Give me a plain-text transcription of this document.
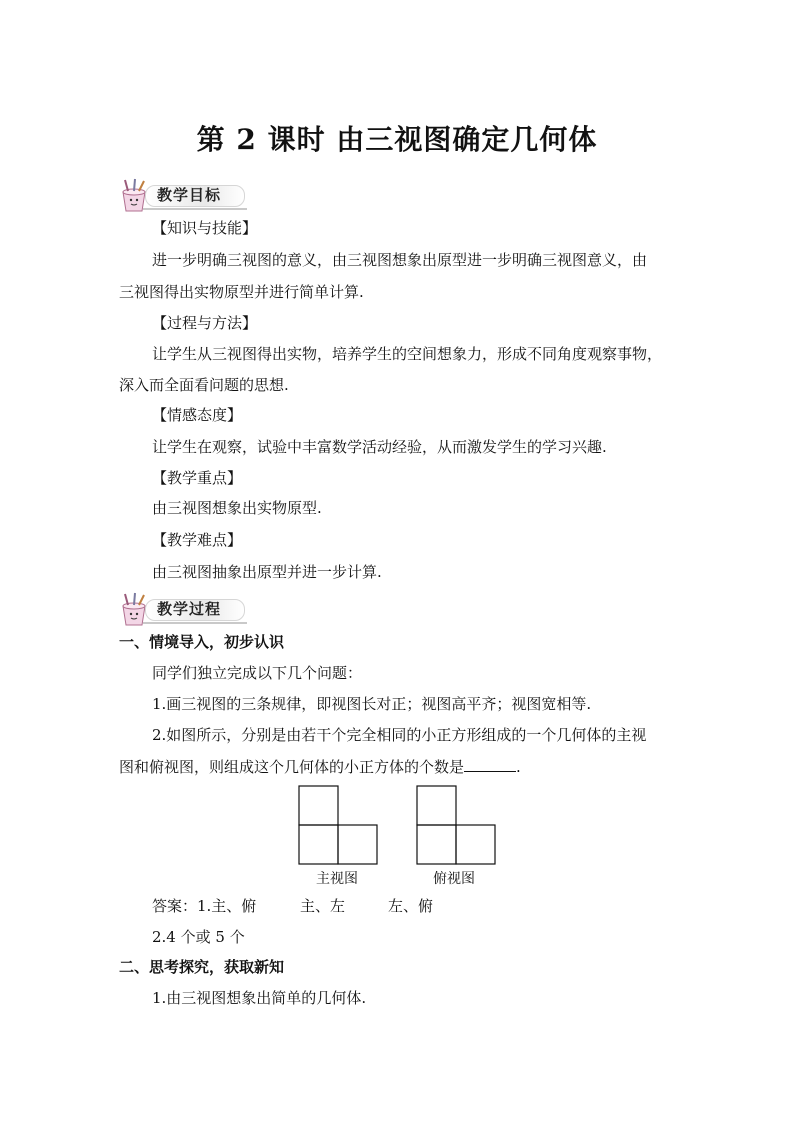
第 2 课时 由三视图确定几何体
教学目标
【知识与技能】
进一步明确三视图的意义，由三视图想象出原型进一步明确三视图意义，由
三视图得出实物原型并进行简单计算.
【过程与方法】
让学生从三视图得出实物，培养学生的空间想象力，形成不同角度观察事物，
深入而全面看问题的思想.
【情感态度】
让学生在观察，试验中丰富数学活动经验，从而激发学生的学习兴趣.
【教学重点】
由三视图想象出实物原型.
【教学难点】
由三视图抽象出原型并进一步计算.
教学过程
一、情境导入，初步认识
同学们独立完成以下几个问题：
1.画三视图的三条规律，即视图长对正；视图高平齐；视图宽相等.
2.如图所示，分别是由若干个完全相同的小正方形组成的一个几何体的主视
图和俯视图，则组成这个几何体的小正方体的个数是	.
主视图	俯视图
答案：1.主、俯	主、左	左、俯
2.4 个或 5 个
二、思考探究，获取新知
1.由三视图想象出简单的几何体.
